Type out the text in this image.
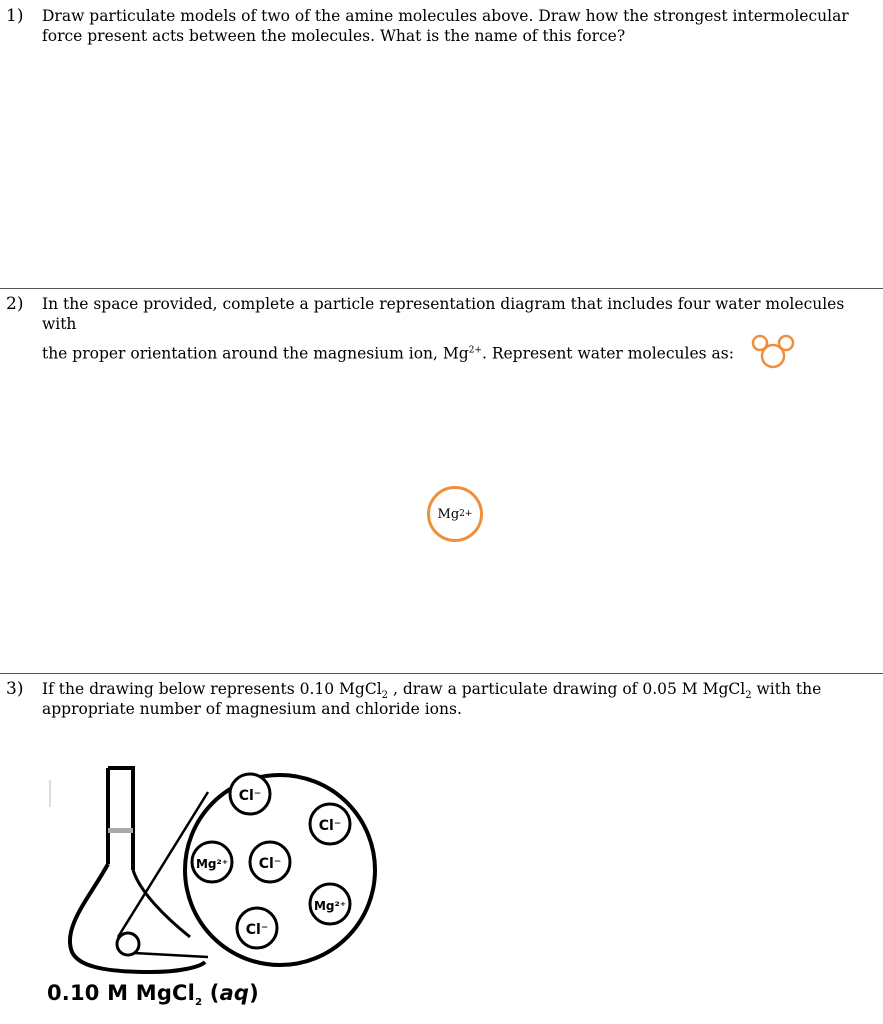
1)	Draw particulate models of two of the amine molecules above. Draw how the strongest intermolecular
force present acts between the molecules. What is the name of this force?
2)	In the space provided, complete a particle representation diagram that includes four water molecules with
the proper orientation around the magnesium ion, $Mg^{2+}$. Represent water molecules as:
Mg 2+
3)	If the drawing below represents 0.10 MgCl$_2$ , draw a particulate drawing of 0.05 M MgCl$_2$ with the
appropriate number of magnesium and chloride ions.
Cl⁻
Cl⁻
Mg²⁺ Cl⁻
Mg²⁺
Cl⁻
0.10 M MgCl$_2$ (aq)
